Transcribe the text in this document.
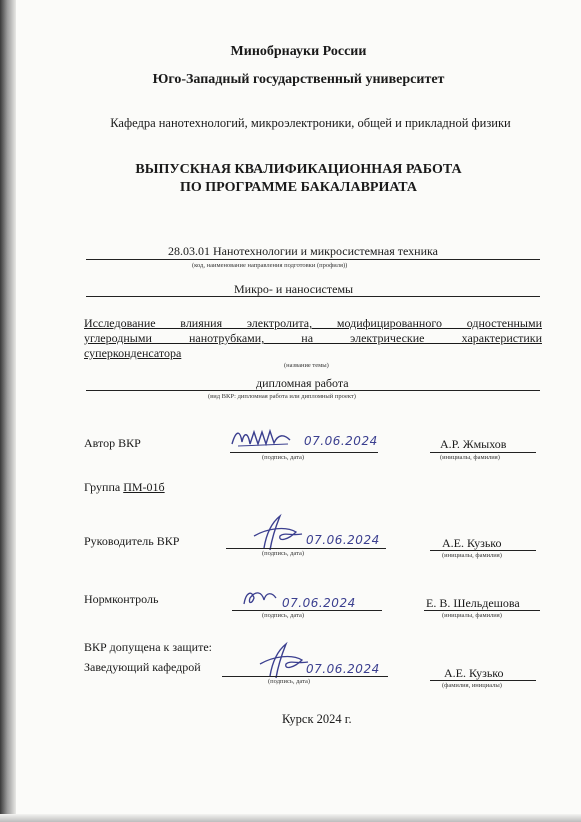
Минобрнауки России
Юго-Западный государственный университет
Кафедра нанотехнологий, микроэлектроники, общей и прикладной физики
ВЫПУСКНАЯ КВАЛИФИКАЦИОННАЯ РАБОТА
ПО ПРОГРАММЕ БАКАЛАВРИАТА
28.03.01 Нанотехнологии и микросистемная техника
(код, наименование направления подготовки (профиля))
Микро- и наносистемы
Исследование влияния электролита, модифицированного одностенными
углеродными нанотрубками, на электрические характеристики
суперконденсатора
(название темы)
дипломная работа
(вид ВКР: дипломная работа или дипломный проект)
Автор ВКР	07.06.2024
(подпись, дата)
А.Р. Жмыхов
(инициалы, фамилия)
Группа ПМ-01б
Руководитель ВКР	07.06.2024
(подпись, дата)
А.Е. Кузько
(инициалы, фамилия)
Нормконтроль	07.06.2024
(подпись, дата)
Е. В. Шельдешова
(инициалы, фамилия)
ВКР допущена к защите:
Заведующий кафедрой	07.06.2024
(подпись, дата)
А.Е. Кузько
(фамилия, инициалы)
Курск 2024 г.
